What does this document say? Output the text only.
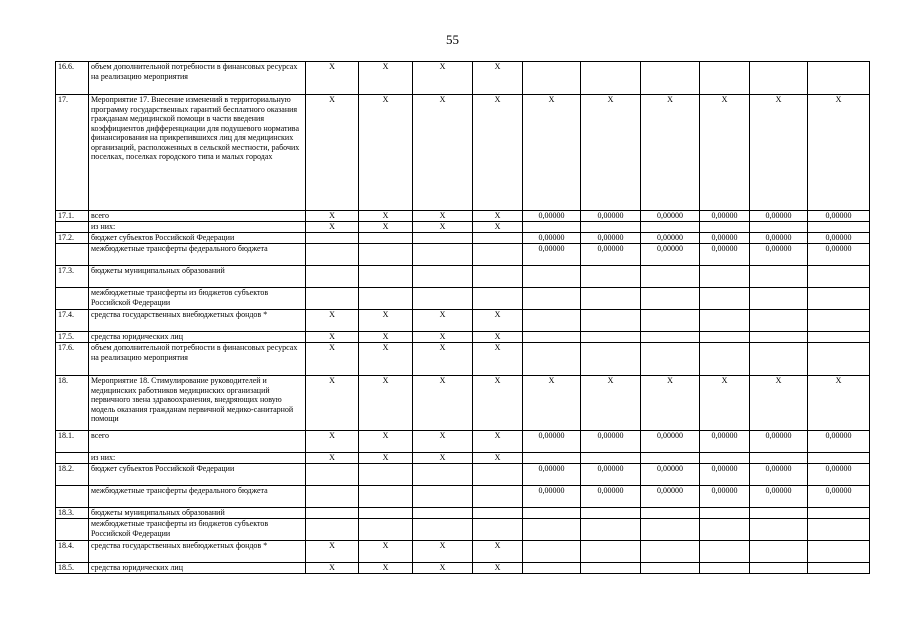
55
16.6.	объем дополнительной потребности в финансовых ресурсах на реализацию мероприятия	X	X	X	X						
17.	Мероприятие 17. Внесение изменений в территориальную программу государственных гарантий бесплатного оказания гражданам медицинской помощи в части введения коэффициентов дифференциации для подушевого норматива финансирования на прикрепившихся лиц для медицинских организаций, расположенных в сельской местности, рабочих поселках, поселках городского типа и малых городах	X	X	X	X	X	X	X	X	X	X
17.1.	всего	X	X	X	X	0,00000	0,00000	0,00000	0,00000	0,00000	0,00000
	из них:	X	X	X	X						
17.2.	бюджет субъектов Российской Федерации					0,00000	0,00000	0,00000	0,00000	0,00000	0,00000
	межбюджетные трансферты федерального бюджета					0,00000	0,00000	0,00000	0,00000	0,00000	0,00000
17.3.	бюджеты муниципальных образований										
	межбюджетные трансферты из бюджетов субъектов Российской Федерации										
17.4.	средства государственных внебюджетных фондов *	X	X	X	X						
17.5.	средства юридических лиц	X	X	X	X						
17.6.	объем дополнительной потребности в финансовых ресурсах на реализацию мероприятия	X	X	X	X						
18.	Мероприятие 18. Стимулирование руководителей и медицинских работников медицинских организаций первичного звена здравоохранения, внедряющих новую модель оказания гражданам первичной медико-санитарной помощи	X	X	X	X	X	X	X	X	X	X
18.1.	всего	X	X	X	X	0,00000	0,00000	0,00000	0,00000	0,00000	0,00000
	из них:	X	X	X	X						
18.2.	бюджет субъектов Российской Федерации					0,00000	0,00000	0,00000	0,00000	0,00000	0,00000
	межбюджетные трансферты федерального бюджета					0,00000	0,00000	0,00000	0,00000	0,00000	0,00000
18.3.	бюджеты муниципальных образований										
	межбюджетные трансферты из бюджетов субъектов Российской Федерации										
18.4.	средства государственных внебюджетных фондов *	X	X	X	X						
18.5.	средства юридических лиц	X	X	X	X						
